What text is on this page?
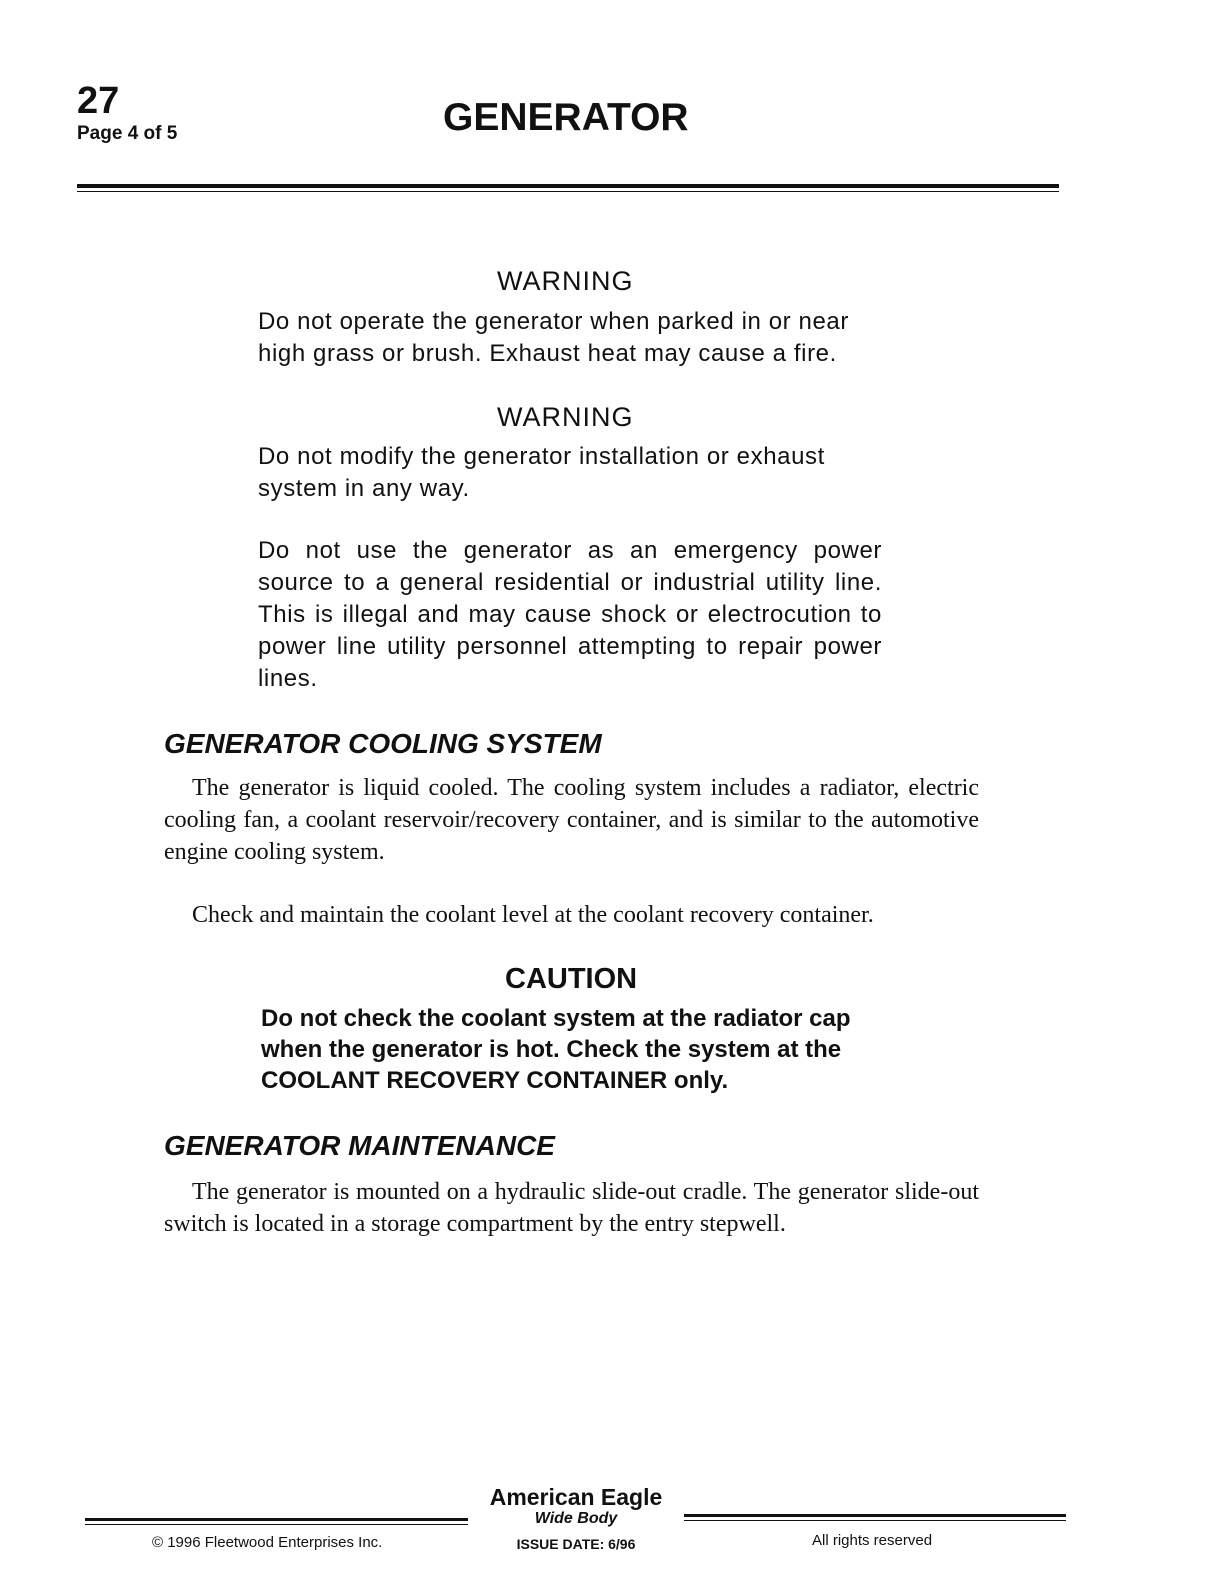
27
Page 4 of 5	GENERATOR
WARNING
Do not operate the generator when parked in or near high grass or brush. Exhaust heat may cause a fire.
WARNING
Do not modify the generator installation or exhaust system in any way.
Do not use the generator as an emergency power source to a general residential or industrial utility line. This is illegal and may cause shock or electrocution to power line utility personnel attempting to repair power lines.
GENERATOR COOLING SYSTEM
The generator is liquid cooled. The cooling system includes a radiator, electric cooling fan, a coolant reservoir/recovery container, and is similar to the automotive engine cooling system.
Check and maintain the coolant level at the coolant recovery container.
CAUTION
Do not check the coolant system at the radiator cap when the generator is hot. Check the system at the COOLANT RECOVERY CONTAINER only.
GENERATOR MAINTENANCE
The generator is mounted on a hydraulic slide-out cradle. The generator slide-out switch is located in a storage compartment by the entry stepwell.
American Eagle
Wide Body
© 1996 Fleetwood Enterprises Inc.	ISSUE DATE: 6/96	All rights reserved
